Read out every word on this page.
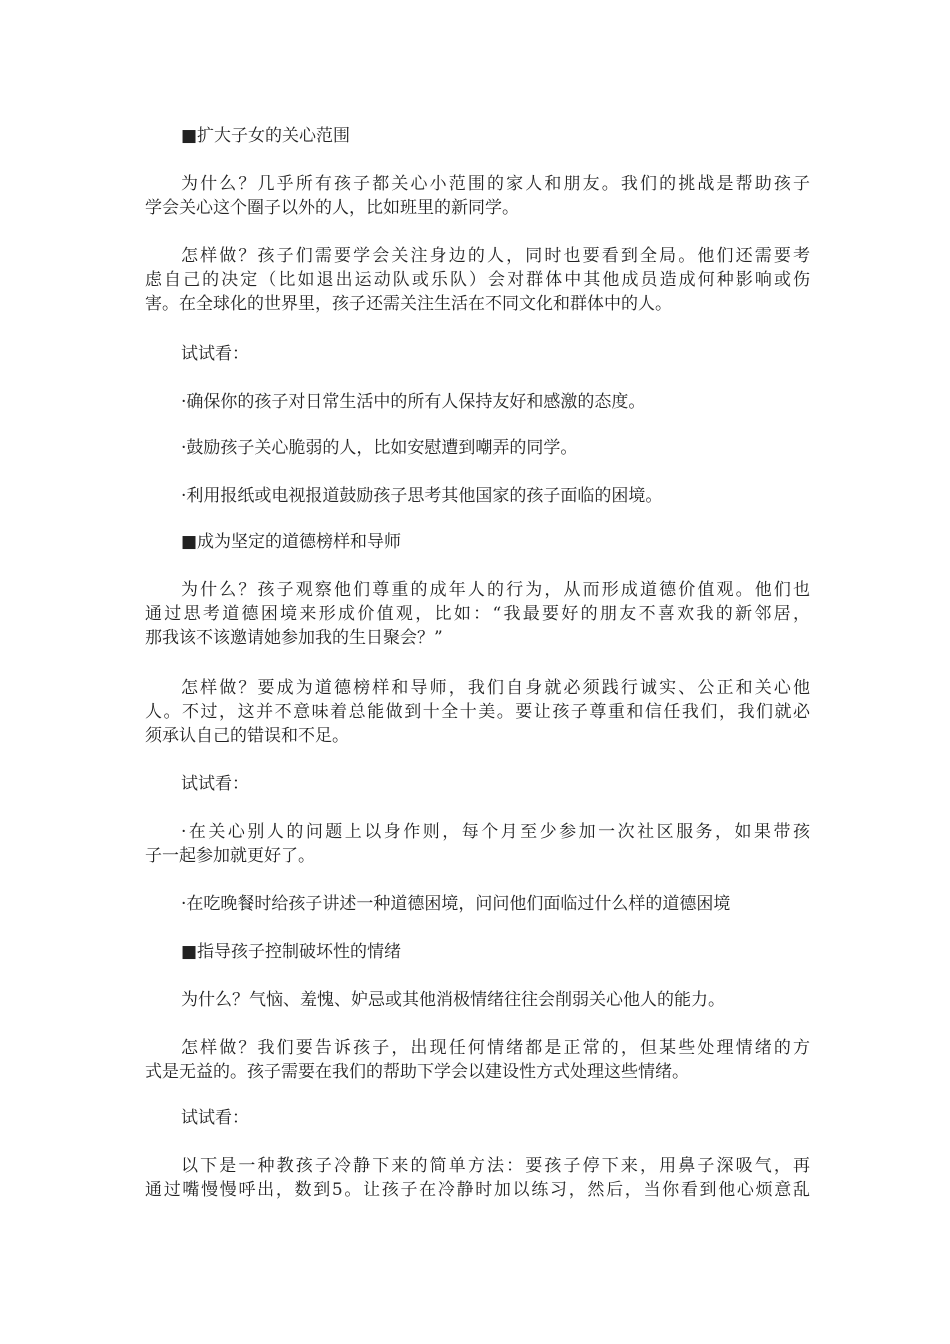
■扩大子女的关心范围
为什么？几乎所有孩子都关心小范围的家人和朋友。我们的挑战是帮助孩子
学会关心这个圈子以外的人，比如班里的新同学。
怎样做？孩子们需要学会关注身边的人，同时也要看到全局。他们还需要考
虑自己的决定（比如退出运动队或乐队）会对群体中其他成员造成何种影响或伤
害。在全球化的世界里，孩子还需关注生活在不同文化和群体中的人。
试试看：
·确保你的孩子对日常生活中的所有人保持友好和感激的态度。
·鼓励孩子关心脆弱的人，比如安慰遭到嘲弄的同学。
·利用报纸或电视报道鼓励孩子思考其他国家的孩子面临的困境。
■成为坚定的道德榜样和导师
为什么？孩子观察他们尊重的成年人的行为，从而形成道德价值观。他们也
通过思考道德困境来形成价值观，比如：“我最要好的朋友不喜欢我的新邻居，
那我该不该邀请她参加我的生日聚会？”
怎样做？要成为道德榜样和导师，我们自身就必须践行诚实、公正和关心他
人。不过，这并不意味着总能做到十全十美。要让孩子尊重和信任我们，我们就必
须承认自己的错误和不足。
试试看：
·在关心别人的问题上以身作则，每个月至少参加一次社区服务，如果带孩
子一起参加就更好了。
·在吃晚餐时给孩子讲述一种道德困境，问问他们面临过什么样的道德困境
■指导孩子控制破坏性的情绪
为什么？气恼、羞愧、妒忌或其他消极情绪往往会削弱关心他人的能力。
怎样做？我们要告诉孩子，出现任何情绪都是正常的，但某些处理情绪的方
式是无益的。孩子需要在我们的帮助下学会以建设性方式处理这些情绪。
试试看：
以下是一种教孩子冷静下来的简单方法：要孩子停下来，用鼻子深吸气，再
通过嘴慢慢呼出，数到5。让孩子在冷静时加以练习，然后，当你看到他心烦意乱
